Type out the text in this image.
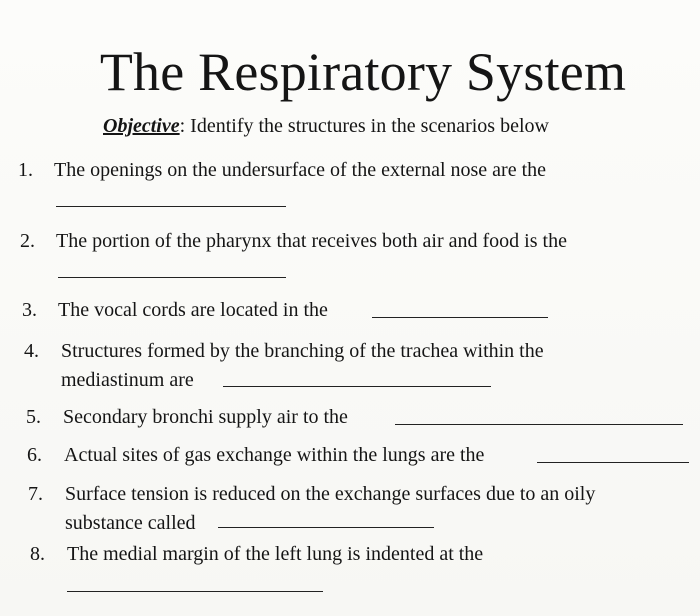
The Respiratory System
Objective: Identify the structures in the scenarios below
1. The openings on the undersurface of the external nose are the
2. The portion of the pharynx that receives both air and food is the
3. The vocal cords are located in the
4. Structures formed by the branching of the trachea within the
mediastinum are
5. Secondary bronchi supply air to the
6. Actual sites of gas exchange within the lungs are the
7. Surface tension is reduced on the exchange surfaces due to an oily
substance called
8. The medial margin of the left lung is indented at the
